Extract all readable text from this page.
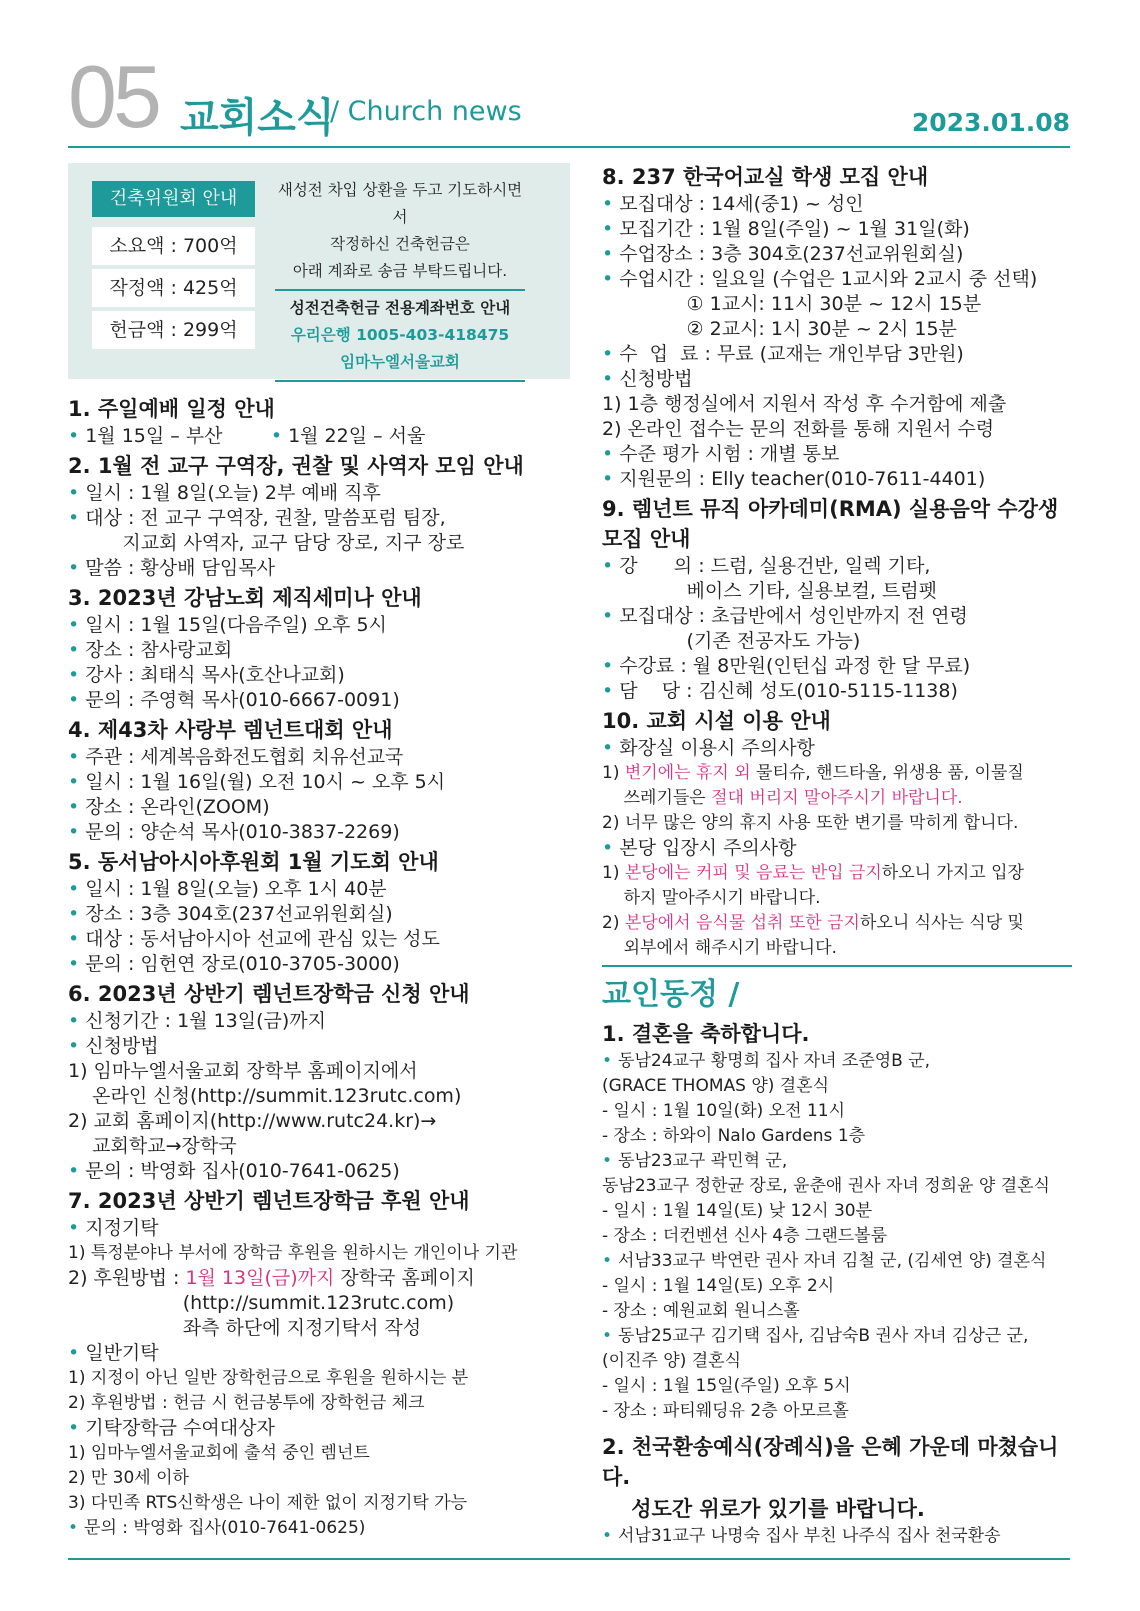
05 교회소식
/ Church news	2023.01.08
건축위원회 안내
소요액 : 700억
작정액 : 425억
헌금액 : 299억
새성전 차입 상환을 두고 기도하시면서
작정하신 건축헌금은
아래 계좌로 송금 부탁드립니다.
성전건축헌금 전용계좌번호 안내
우리은행 1005-403-418475
임마누엘서울교회
1. 주일예배 일정 안내
• 1월 15일 – 부산        •	1월 22일 – 서울
2. 1월 전 교구 구역장, 권찰 및 사역자 모임 안내
• 일시 : 1월 8일(오늘) 2부 예배 직후
• 대상 : 전 교구 구역장, 권찰, 말씀포럼 팀장,
지교회 사역자, 교구 담당 장로, 지구 장로
• 말씀 : 황상배 담임목사
3. 2023년 강남노회 제직세미나 안내
• 일시 : 1월 15일(다음주일) 오후 5시
• 장소 : 참사랑교회
• 강사 : 최태식 목사(호산나교회)
• 문의 : 주영혁 목사(010-6667-0091)
4. 제43차 사랑부 렘넌트대회 안내
• 주관 : 세계복음화전도협회 치유선교국
• 일시 : 1월 16일(월) 오전 10시 ~ 오후 5시
• 장소 : 온라인(ZOOM)
• 문의 : 양순석 목사(010-3837-2269)
5. 동서남아시아후원회 1월 기도회 안내
• 일시 : 1월 8일(오늘) 오후 1시 40분
• 장소 : 3층 304호(237선교위원회실)
• 대상 : 동서남아시아 선교에 관심 있는 성도
• 문의 : 임헌연 장로(010-3705-3000)
6. 2023년 상반기 렘넌트장학금 신청 안내
• 신청기간 : 1월 13일(금)까지
• 신청방법
1) 임마누엘서울교회 장학부 홈페이지에서
온라인 신청(http://summit.123rutc.com)
2) 교회 홈페이지(http://www.rutc24.kr)→
교회학교→장학국
• 문의 : 박영화 집사(010-7641-0625)
7. 2023년 상반기 렘넌트장학금 후원 안내
• 지정기탁
1) 특정분야나 부서에 장학금 후원을 원하시는 개인이나 기관
2) 후원방법 : 1월 13일(금)까지 장학국 홈페이지
(http://summit.123rutc.com)
좌측 하단에 지정기탁서 작성
• 일반기탁
1) 지정이 아닌 일반 장학헌금으로 후원을 원하시는 분
2) 후원방법 : 헌금 시 헌금봉투에 장학헌금 체크
• 기탁장학금 수여대상자
1) 임마누엘서울교회에 출석 중인 렘넌트
2) 만 30세 이하
3) 다민족 RTS신학생은 나이 제한 없이 지정기탁 가능
• 문의 : 박영화 집사(010-7641-0625)
8. 237 한국어교실 학생 모집 안내
• 모집대상 : 14세(중1) ~ 성인
• 모집기간 : 1월 8일(주일) ~ 1월 31일(화)
• 수업장소 : 3층 304호(237선교위원회실)
• 수업시간 : 일요일 (수업은 1교시와 2교시 중 선택)
① 1교시: 11시 30분 ~ 12시 15분
② 2교시: 1시 30분 ~ 2시 15분
• 수  업  료 : 무료 (교재는 개인부담 3만원)
• 신청방법
1) 1층 행정실에서 지원서 작성 후 수거함에 제출
2) 온라인 접수는 문의 전화를 통해 지원서 수령
• 수준 평가 시험 : 개별 통보
• 지원문의 : Elly teacher(010-7611-4401)
9. 렘넌트 뮤직 아카데미(RMA) 실용음악 수강생 모집 안내
• 강      의 : 드럼, 실용건반, 일렉 기타,
베이스 기타, 실용보컬, 트럼펫
• 모집대상 : 초급반에서 성인반까지 전 연령
(기존 전공자도 가능)
• 수강료 : 월 8만원(인턴십 과정 한 달 무료)
• 담    당 : 김신혜 성도(010-5115-1138)
10. 교회 시설 이용 안내
• 화장실 이용시 주의사항
1) 변기에는 휴지 외 물티슈, 핸드타올, 위생용 품, 이물질
쓰레기들은 절대 버리지 말아주시기 바랍니다.
2) 너무 많은 양의 휴지 사용 또한 변기를 막히게 합니다.
• 본당 입장시 주의사항
1) 본당에는 커피 및 음료는 반입 금지하오니 가지고 입장
하지 말아주시기 바랍니다.
2) 본당에서 음식물 섭취 또한 금지하오니 식사는 식당 및
외부에서 해주시기 바랍니다.
교인동정 /
1. 결혼을 축하합니다.
• 동남24교구 황명희 집사 자녀 조준영B 군,
(GRACE THOMAS 양) 결혼식
- 일시 : 1월 10일(화) 오전 11시
- 장소 : 하와이 Nalo Gardens 1층
• 동남23교구 곽민혁 군,
동남23교구 정한균 장로, 윤춘애 권사 자녀 정희윤 양 결혼식
- 일시 : 1월 14일(토) 낮 12시 30분
- 장소 : 더컨벤션 신사 4층 그랜드볼룸
• 서남33교구 박연란 권사 자녀 김철 군, (김세연 양) 결혼식
- 일시 : 1월 14일(토) 오후 2시
- 장소 : 예원교회 원니스홀
• 동남25교구 김기택 집사, 김남숙B 권사 자녀 김상근 군,
(이진주 양) 결혼식
- 일시 : 1월 15일(주일) 오후 5시
- 장소 : 파티웨딩유 2층 아모르홀
2. 천국환송예식(장례식)을 은혜 가운데 마쳤습니다.
성도간 위로가 있기를 바랍니다.
• 서남31교구 나명숙 집사 부친 나주식 집사 천국환송
